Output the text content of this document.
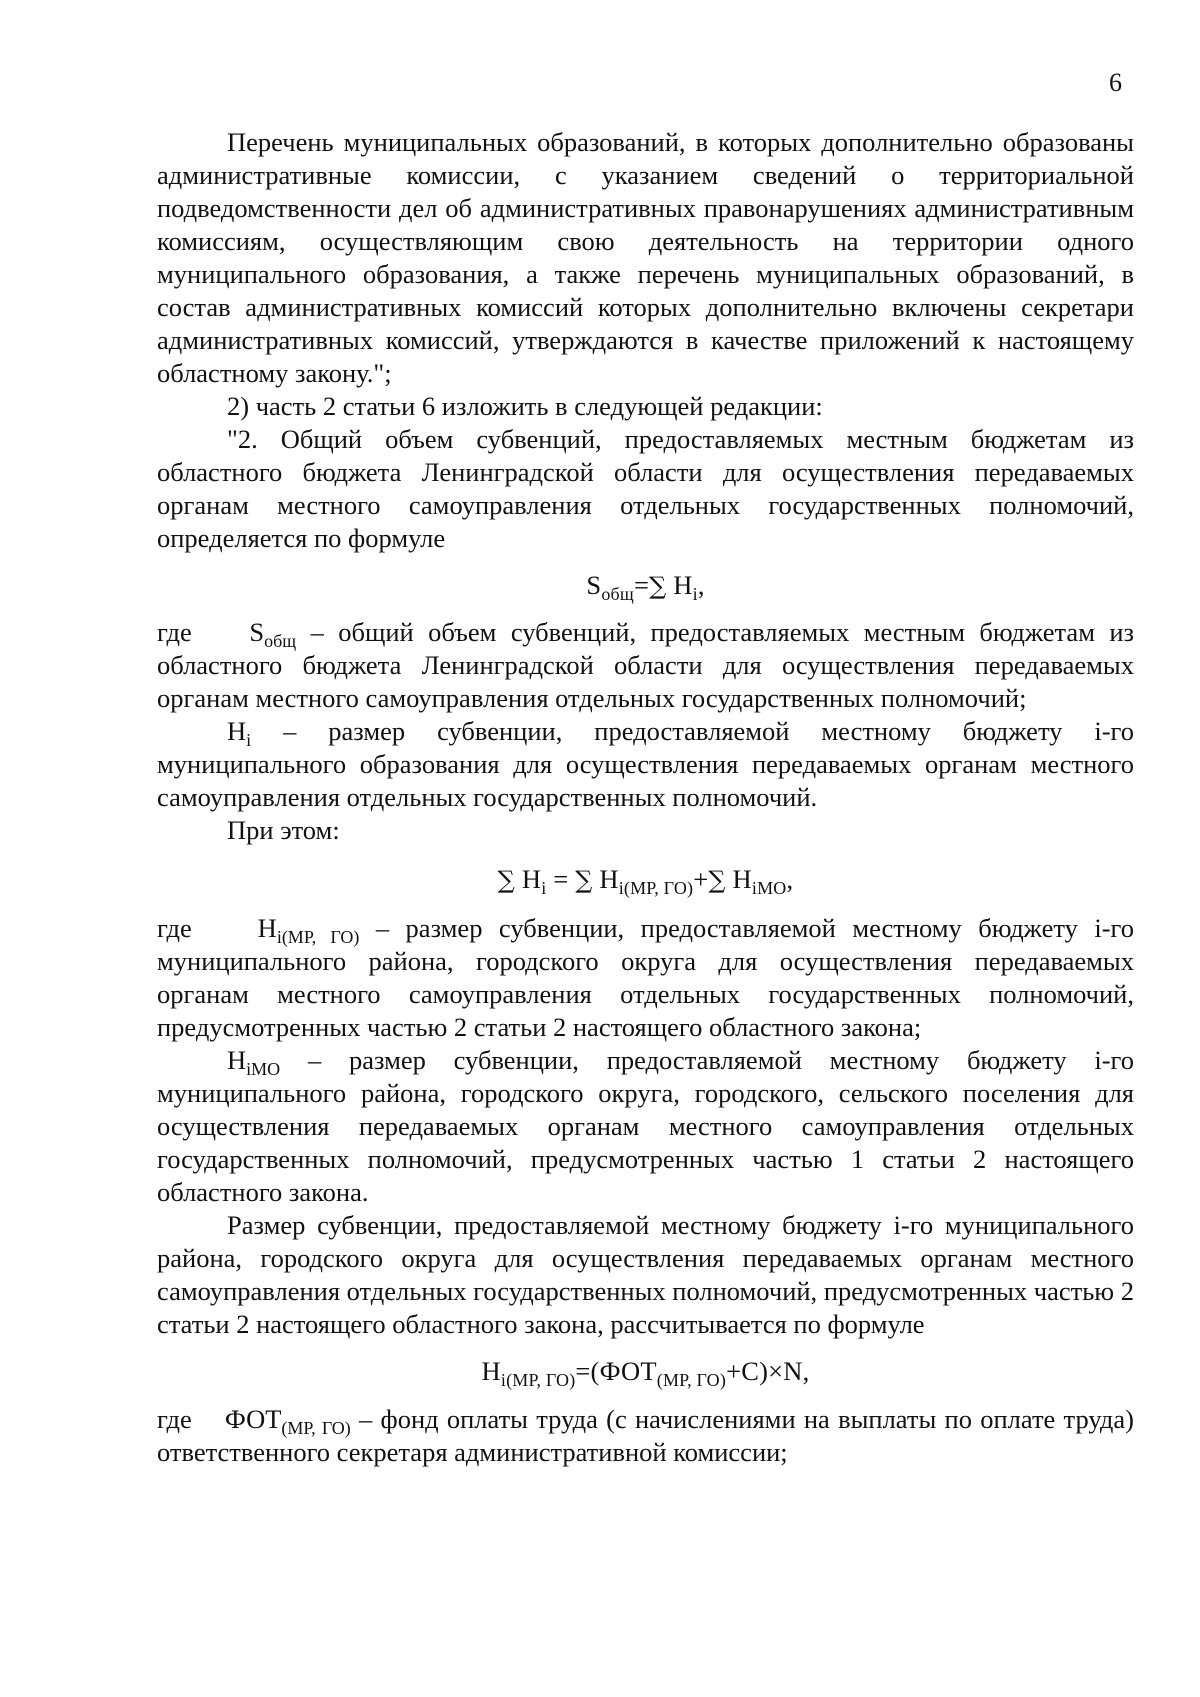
6

Перечень муниципальных образований, в которых дополнительно образованы административные комиссии, с указанием сведений о территориальной подведомственности дел об административных правонарушениях административным комиссиям, осуществляющим свою деятельность на территории одного муниципального образования, а также перечень муниципальных образований, в состав административных комиссий которых дополнительно включены секретари административных комиссий, утверждаются в качестве приложений к настоящему областному закону.";

2) часть 2 статьи 6 изложить в следующей редакции:

"2. Общий объем субвенций, предоставляемых местным бюджетам из областного бюджета Ленинградской области для осуществления передаваемых органам местного самоуправления отдельных государственных полномочий, определяется по формуле

$S_{общ}=\sum$ $H_i$,

где $S_{общ}$ – общий объем субвенций, предоставляемых местным бюджетам из областного бюджета Ленинградской области для осуществления передаваемых органам местного самоуправления отдельных государственных полномочий;

$H_i$ – размер субвенции, предоставляемой местному бюджету i-го муниципального образования для осуществления передаваемых органам местного самоуправления отдельных государственных полномочий.

При этом:

∑ $H_i$ = ∑ $H_{i(МР, ГО)}+\sum$ $H_{iМО}$,

где $H_{i(МР, ГО)}$ – размер субвенции, предоставляемой местному бюджету i-го муниципального района, городского округа для осуществления передаваемых органам местного самоуправления отдельных государственных полномочий, предусмотренных частью 2 статьи 2 настоящего областного закона;

$H_{iМО}$ – размер субвенции, предоставляемой местному бюджету i-го муниципального района, городского округа, городского, сельского поселения для осуществления передаваемых органам местного самоуправления отдельных государственных полномочий, предусмотренных частью 1 статьи 2 настоящего областного закона.

Размер субвенции, предоставляемой местному бюджету i-го муниципального района, городского округа для осуществления передаваемых органам местного самоуправления отдельных государственных полномочий, предусмотренных частью 2 статьи 2 настоящего областного закона, рассчитывается по формуле

$H_{i(МР, ГО)}=(ФОТ_{(МР, ГО)}+С)\times N$,

где $ФОТ_{(МР, ГО)}$ – фонд оплаты труда (с начислениями на выплаты по оплате труда) ответственного секретаря административной комиссии;
